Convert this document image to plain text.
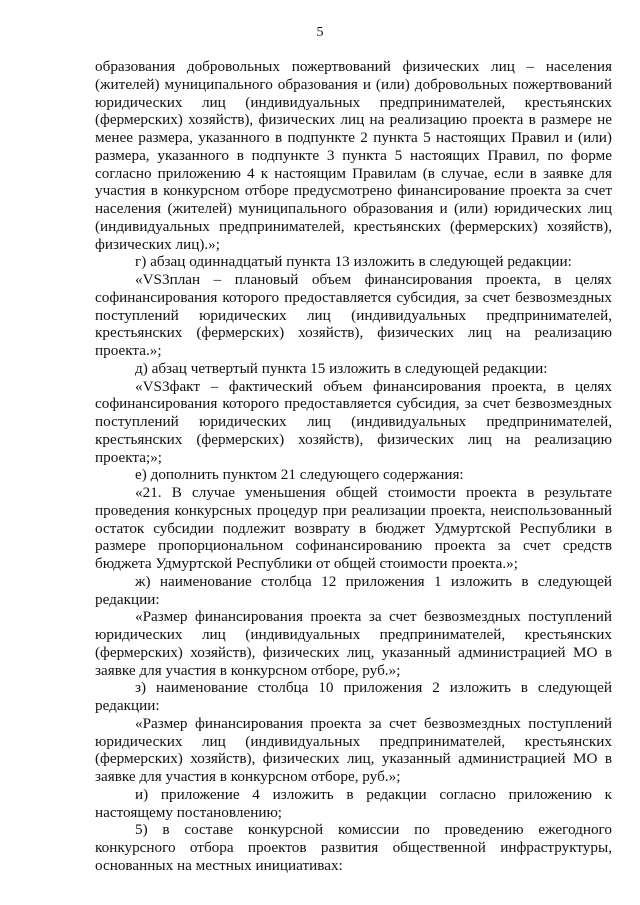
5

образования добровольных пожертвований физических лиц – населения (жителей) муниципального образования и (или) добровольных пожертвований юридических лиц (индивидуальных предпринимателей, крестьянских (фермерских) хозяйств), физических лиц на реализацию проекта в размере не менее размера, указанного в подпункте 2 пункта 5 настоящих Правил и (или) размера, указанного в подпункте 3 пункта 5 настоящих Правил, по форме согласно приложению 4 к настоящим Правилам (в случае, если в заявке для участия в конкурсном отборе предусмотрено финансирование проекта за счет населения (жителей) муниципального образования и (или) юридических лиц (индивидуальных предпринимателей, крестьянских (фермерских) хозяйств), физических лиц).»;

г) абзац одиннадцатый пункта 13 изложить в следующей редакции:

«VS3план – плановый объем финансирования проекта, в целях софинансирования которого предоставляется субсидия, за счет безвозмездных поступлений юридических лиц (индивидуальных предпринимателей, крестьянских (фермерских) хозяйств), физических лиц на реализацию проекта.»;

д) абзац четвертый пункта 15 изложить в следующей редакции:

«VS3факт – фактический объем финансирования проекта, в целях софинансирования которого предоставляется субсидия, за счет безвозмездных поступлений юридических лиц (индивидуальных предпринимателей, крестьянских (фермерских) хозяйств), физических лиц на реализацию проекта;»;

е) дополнить пунктом 21 следующего содержания:

«21. В случае уменьшения общей стоимости проекта в результате проведения конкурсных процедур при реализации проекта, неиспользованный остаток субсидии подлежит возврату в бюджет Удмуртской Республики в размере пропорциональном софинансированию проекта за счет средств бюджета Удмуртской Республики от общей стоимости проекта.»;

ж) наименование столбца 12 приложения 1 изложить в следующей редакции:

«Размер финансирования проекта за счет безвозмездных поступлений юридических лиц (индивидуальных предпринимателей, крестьянских (фермерских) хозяйств), физических лиц, указанный администрацией МО в заявке для участия в конкурсном отборе, руб.»;

з) наименование столбца 10 приложения 2 изложить в следующей редакции:

«Размер финансирования проекта за счет безвозмездных поступлений юридических лиц (индивидуальных предпринимателей, крестьянских (фермерских) хозяйств), физических лиц, указанный администрацией МО в заявке для участия в конкурсном отборе, руб.»;

и) приложение 4 изложить в редакции согласно приложению к настоящему постановлению;

5) в составе конкурсной комиссии по проведению ежегодного конкурсного отбора проектов развития общественной инфраструктуры, основанных на местных инициативах:
